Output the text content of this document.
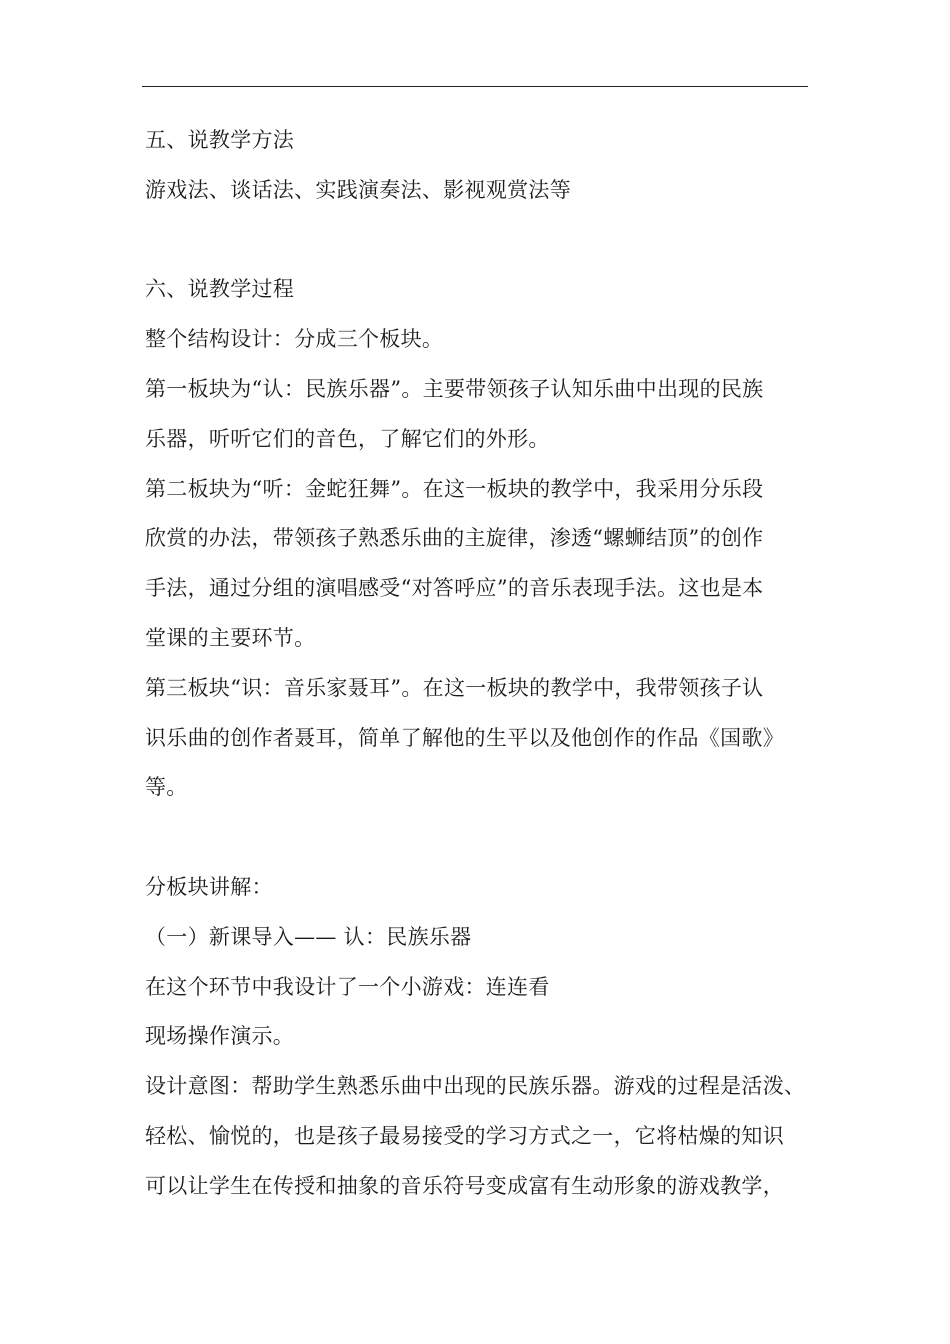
五、说教学方法
游戏法、谈话法、实践演奏法、影视观赏法等
六、说教学过程
整个结构设计：分成三个板块。
第一板块为“认：民族乐器”。主要带领孩子认知乐曲中出现的民族
乐器，听听它们的音色，了解它们的外形。
第二板块为“听：金蛇狂舞”。在这一板块的教学中，我采用分乐段
欣赏的办法，带领孩子熟悉乐曲的主旋律，渗透“螺蛳结顶”的创作
手法，通过分组的演唱感受“对答呼应”的音乐表现手法。这也是本
堂课的主要环节。
第三板块“识：音乐家聂耳”。在这一板块的教学中，我带领孩子认
识乐曲的创作者聂耳，简单了解他的生平以及他创作的作品《国歌》
等。
分板块讲解：
（一）新课导入—— 认：民族乐器
在这个环节中我设计了一个小游戏：连连看
现场操作演示。
设计意图：帮助学生熟悉乐曲中出现的民族乐器。游戏的过程是活泼、
轻松、愉悦的，也是孩子最易接受的学习方式之一，它将枯燥的知识
可以让学生在传授和抽象的音乐符号变成富有生动形象的游戏教学，
